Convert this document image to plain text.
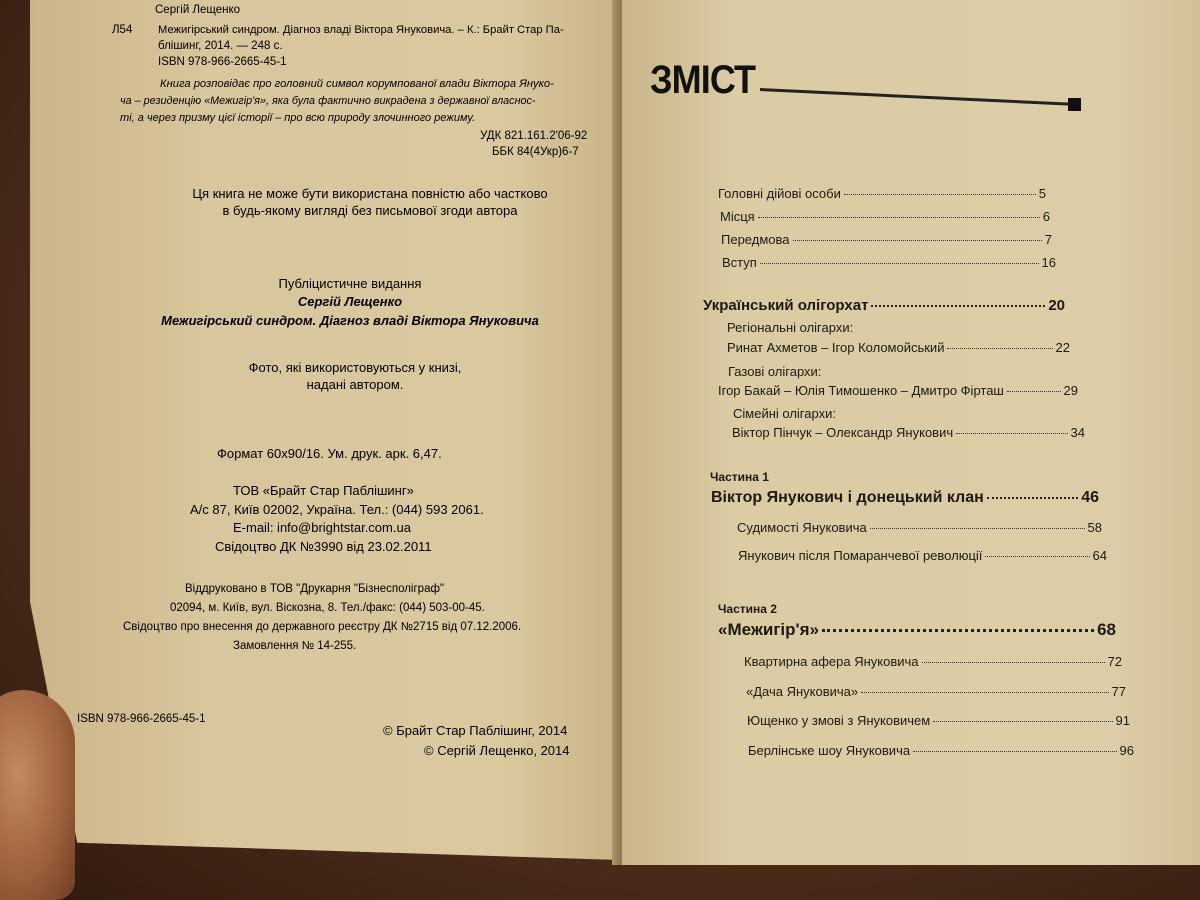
Сергій Лещенко
Л54 Межигірський синдром. Діагноз владі Віктора Януковича. – К.: Брайт Стар Па-
блішинг, 2014. — 248 с.
ISBN 978-966-2665-45-1
Книга розповідає про головний символ корумпованої влади Віктора Януко-
ча – резиденцію «Межигір'я», яка була фактично викрадена з державної власнос-
ті, а через призму цієї історії – про всю природу злочинного режиму.
УДК 821.161.2'06-92
ББК 84(4Укр)6-7
Ця книга не може бути використана повністю або частково
в будь-якому вигляді без письмової згоди автора
Публіцистичне видання
Сергій Лещенко
Межигірський синдром. Діагноз владі Віктора Януковича
Фото, які використовуються у книзі,
надані автором.
Формат 60x90/16. Ум. друк. арк. 6,47.
ТОВ «Брайт Стар Паблішинг»
А/с 87, Київ 02002, Україна. Тел.: (044) 593 2061.
E-mail: info@brightstar.com.ua
Свідоцтво ДК №3990 від 23.02.2011
Віддруковано в ТОВ "Друкарня "Бізнесполіграф"
02094, м. Київ, вул. Віскозна, 8. Тел./факс: (044) 503-00-45.
Свідоцтво про внесення до державного реєстру ДК №2715 від 07.12.2006.
Замовлення № 14-255.
ISBN 978-966-2665-45-1
© Брайт Стар Паблішинг, 2014
© Сергій Лещенко, 2014
ЗМІСТ
Головні дійові особи	5
Місця	6
Передмова	7
Вступ	16
Український олігорхат	20
Регіональні олігархи:
Ринат Ахметов – Ігор Коломойський	22
Газові олігархи:
Ігор Бакай – Юлія Тимошенко – Дмитро Фірташ	29
Сімейні олігархи:
Віктор Пінчук – Олександр Янукович	34
Частина 1
Віктор Янукович і донецький клан	46
Судимості Януковича	58
Янукович після Помаранчевої революції	64
Частина 2
«Межигір'я»	68
Квартирна афера Януковича	72
«Дача Януковича»	77
Ющенко у змові з Януковичем	91
Берлінське шоу Януковича	96
